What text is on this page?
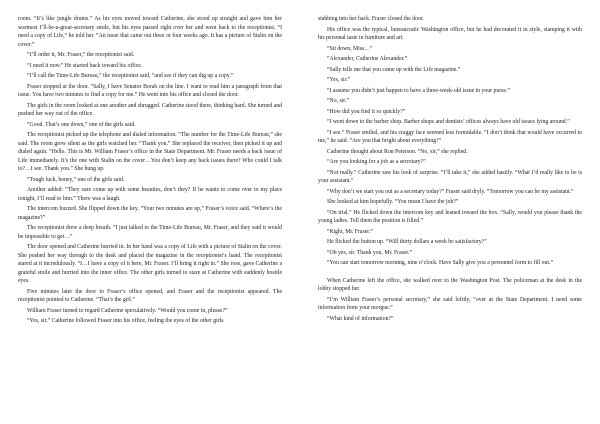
room. “It’s like jungle drums.” As his eyes moved toward Catherine, she stood up straight and gave him her warmest I’ll-be-a-great-secretary smile, but his eyes passed right over her and went back to the receptionist. “I need a copy of Life,” he told her. “An issue that came out three or four weeks ago. It has a picture of Stalin on the cover.”

“I’ll order it, Mr. Fraser,” the receptionist said.

“I need it now.” He started back toward his office.

“I’ll call the Time-Life Bureau,” the receptionist said, “and see if they can dig up a copy.”

Fraser stopped at the door. “Sally, I have Senator Borah on the line. I want to read him a paragraph from that issue. You have two minutes to find a copy for me.” He went into his office and closed the door.

The girls in the room looked at one another and shrugged. Catherine stood there, thinking hard. She turned and pushed her way out of the office.

“Good. That’s one down,” one of the girls said.

The receptionist picked up the telephone and dialed information. “The number for the Time-Life Bureau,” she said. The room grew silent as the girls watched her. “Thank you.” She replaced the receiver, then picked it up and dialed again. “Hello. This is Mr. William Fraser’s office in the State Department. Mr. Fraser needs a back issue of Life immediately. It’s the one with Stalin on the cover…You don’t keep any back issues there? Who could I talk to?…I see. Thank you.” She hung up.

“Tough luck, honey,” one of the girls said.

Another added: “They sure come up with some beauties, don’t they? If he wants to come over to my place tonight, I’ll read to him.” There was a laugh.

The intercom buzzed. She flipped down the key. “Your two minutes are up,” Fraser’s voice said. “Where’s the magazine?”

The receptionist drew a deep breath. “I just talked to the Time-Life Bureau, Mr. Fraser, and they said it would be impossible to get…”

The door opened and Catherine hurried in. In her hand was a copy of Life with a picture of Stalin on the cover. She pushed her way through to the desk and placed the magazine in the receptionist’s hand. The receptionist stared at it incredulously. “I…I have a copy of it here, Mr. Fraser. I’ll bring it right in.” She rose, gave Catherine a grateful smile and hurried into the inner office. The other girls turned to stare at Catherine with suddenly hostile eyes.

Five minutes later the door to Fraser’s office opened, and Fraser and the receptionist appeared. The receptionist pointed to Catherine. “That’s the girl.”

William Fraser turned to regard Catherine speculatively. “Would you come in, please?”

“Yes, sir.” Catherine followed Fraser into his office, feeling the eyes of the other girls

stabbing into her back. Fraser closed the door.

His office was the typical, bureaucratic Washington office, but he had decorated it in style, stamping it with his personal taste in furniture and art.

“Sit down, Miss…”

“Alexander, Catherine Alexander.”

“Sally tells me that you came up with the Life magazine.”

“Yes, sir.”

“I assume you didn’t just happen to have a three-week-old issue in your purse.”

“No, sir.”

“How did you find it so quickly?”

“I went down to the barber shop. Barber shops and dentists’ offices always have old issues lying around.”

“I see.” Fraser smiled, and his craggy face seemed less formidable. “I don’t think that would have occurred to me,” he said. “Are you that bright about everything?”

Catherine thought about Ron Peterson. “No, sir,” she replied.

“Are you looking for a job as a secretary?”

“Not really.” Catherine saw his look of surprise. “I’ll take it,” she added hastily. “What I’d really like to be is your assistant.”

“Why don’t we start you out as a secretary today?” Fraser said dryly. “Tomorrow you can be my assistant.”

She looked at him hopefully. “You mean I have the job?”

“On trial.” He flicked down the intercom key and leaned toward the box. “Sally, would you please thank the young ladies. Tell them the position is filled.”

“Right, Mr. Fraser.”

He flicked the button up. “Will thirty dollars a week be satisfactory?”

“Oh yes, sir. Thank you, Mr. Fraser.”

“You can start tomorrow morning, nine o’clock. Have Sally give you a personnel form to fill out.”

When Catherine left the office, she walked over to the Washington Post. The policeman at the desk in the lobby stopped her.

“I’m William Fraser’s personal secretary,” she said loftily, “over at the State Department. I need some information from your morgue.”

“What kind of information?”
